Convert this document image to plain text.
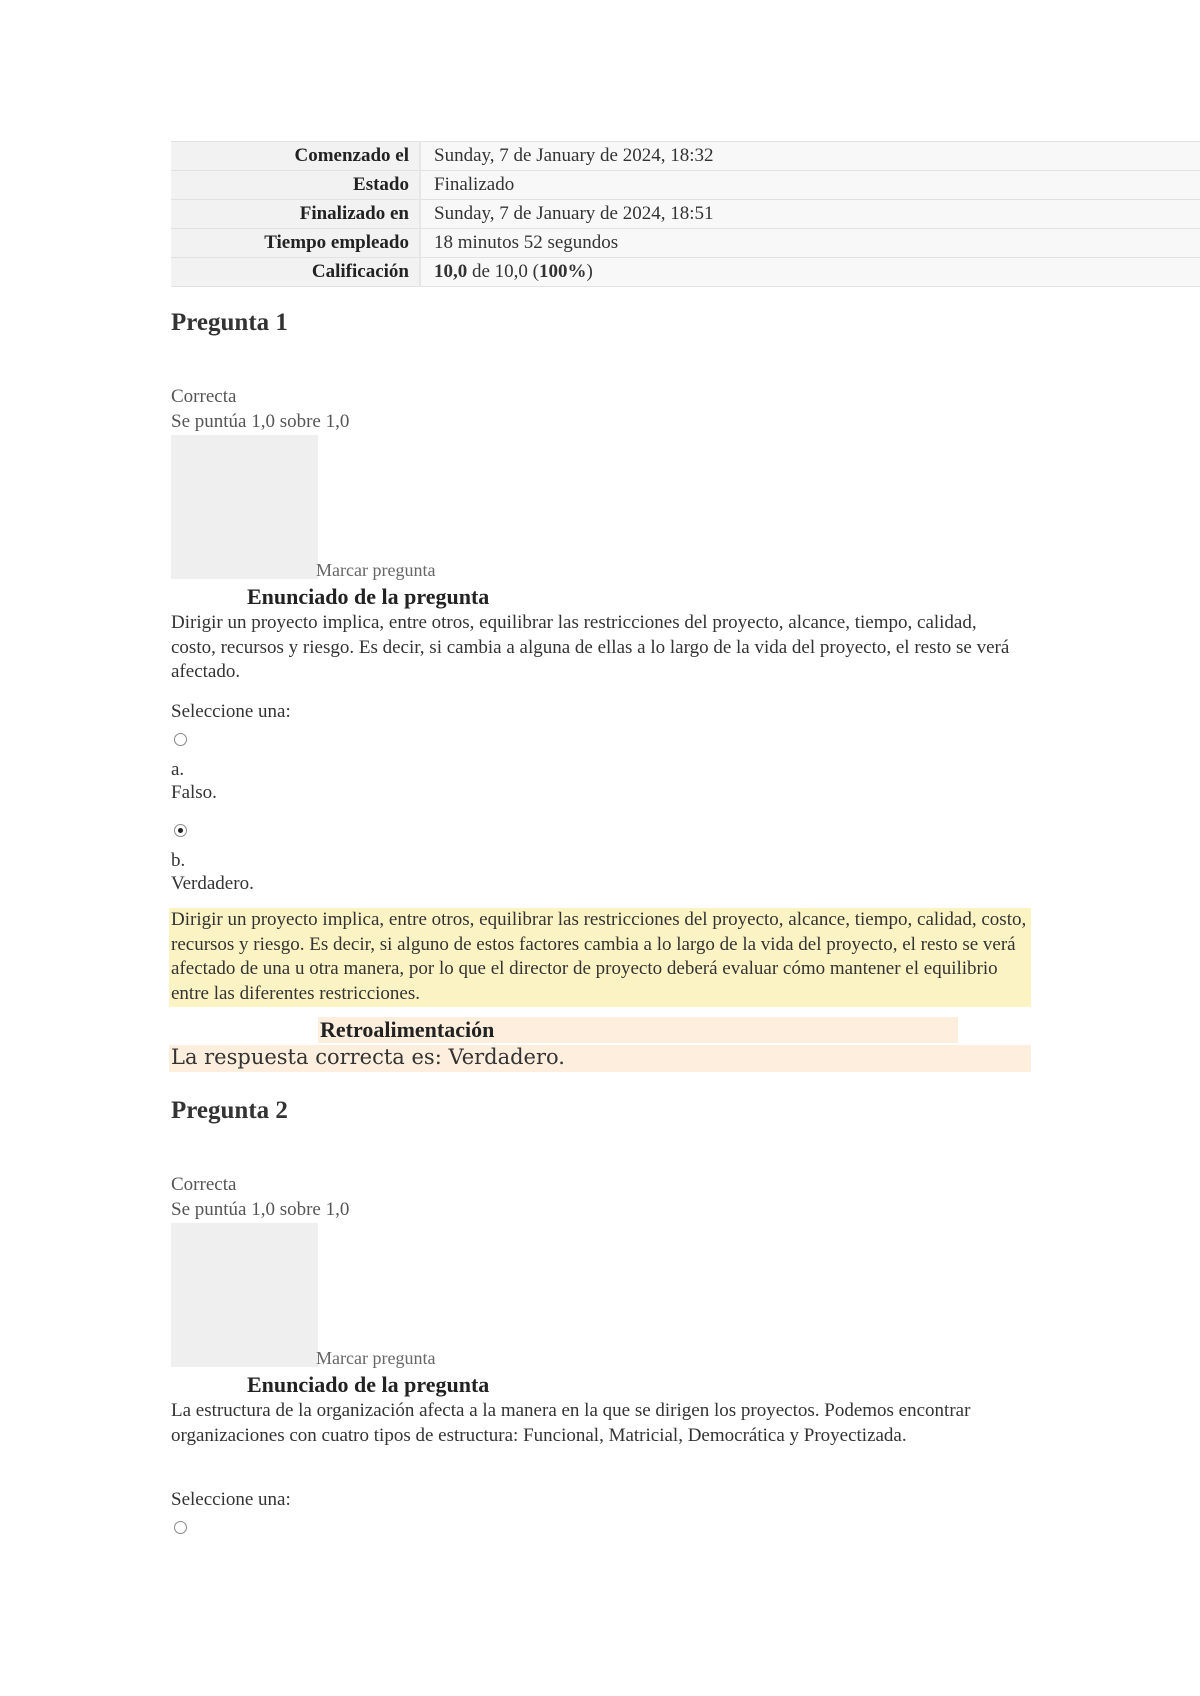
Comenzado el	Sunday, 7 de January de 2024, 18:32
Estado	Finalizado
Finalizado en	Sunday, 7 de January de 2024, 18:51
Tiempo empleado	18 minutos 52 segundos
Calificación	10,0 de 10,0 (100%)
Pregunta 1
Correcta
Se puntúa 1,0 sobre 1,0
Marcar pregunta
Enunciado de la pregunta
Dirigir un proyecto implica, entre otros, equilibrar las restricciones del proyecto, alcance, tiempo, calidad, costo, recursos y riesgo. Es decir, si cambia a alguna de ellas a lo largo de la vida del proyecto, el resto se verá afectado.
Seleccione una:
a.
Falso.
b.
Verdadero.
Dirigir un proyecto implica, entre otros, equilibrar las restricciones del proyecto, alcance, tiempo, calidad, costo, recursos y riesgo. Es decir, si alguno de estos factores cambia a lo largo de la vida del proyecto, el resto se verá afectado de una u otra manera, por lo que el director de proyecto deberá evaluar cómo mantener el equilibrio entre las diferentes restricciones.
Retroalimentación
La respuesta correcta es: Verdadero.
Pregunta 2
Correcta
Se puntúa 1,0 sobre 1,0
Marcar pregunta
Enunciado de la pregunta
La estructura de la organización afecta a la manera en la que se dirigen los proyectos. Podemos encontrar organizaciones con cuatro tipos de estructura: Funcional, Matricial, Democrática y Proyectizada.
Seleccione una:
